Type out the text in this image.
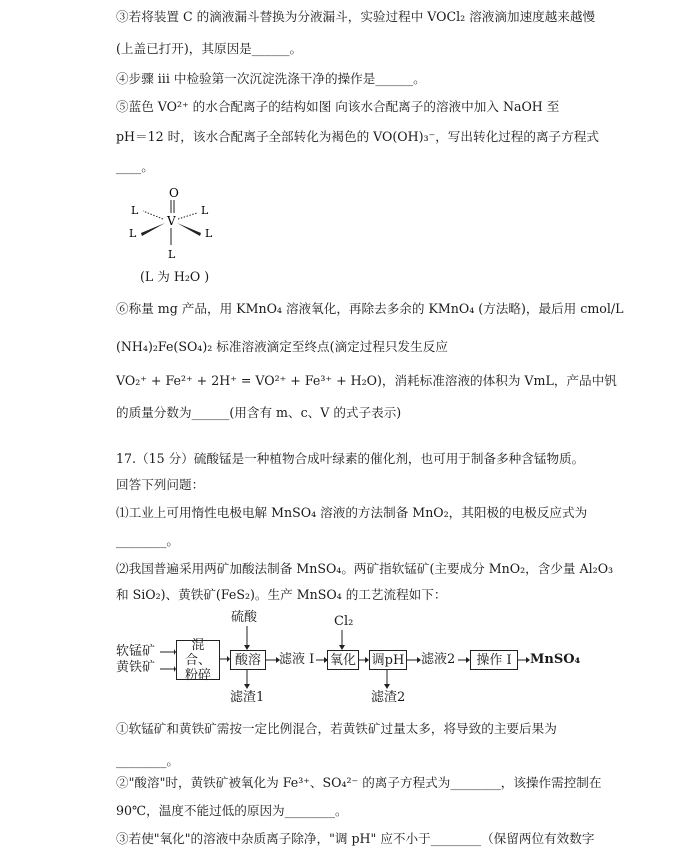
③若将装置 C 的滴液漏斗替换为分液漏斗，实验过程中 VOCl₂ 溶液滴加速度越来越慢
(上盖已打开)，其原因是______。
④步骤 iii 中检验第一次沉淀洗涤干净的操作是______。
⑤蓝色 VO²⁺ 的水合配离子的结构如图 向该水合配离子的溶液中加入 NaOH 至
pH＝12 时，该水合配离子全部转化为褐色的 VO(OH)₃⁻，写出转化过程的离子方程式
____。
O
V
L	L
L	L
L
(L 为 H₂O )
⑥称量 mg 产品，用 KMnO₄ 溶液氧化，再除去多余的 KMnO₄ (方法略)，最后用 cmol/L
(NH₄)₂Fe(SO₄)₂ 标准溶液滴定至终点(滴定过程只发生反应
VO₂⁺ + Fe²⁺ + 2H⁺ = VO²⁺ + Fe³⁺ + H₂O)，消耗标准溶液的体积为 VmL，产品中钒
的质量分数为______(用含有 m、c、V 的式子表示)
17.（15 分）硫酸锰是一种植物合成叶绿素的催化剂，也可用于制备多种含锰物质。
回答下列问题：
⑴工业上可用惰性电极电解 MnSO₄ 溶液的方法制备 MnO₂，其阳极的电极反应式为
________。
⑵我国普遍采用两矿加酸法制备 MnSO₄。两矿指软锰矿(主要成分 MnO₂，含少量 Al₂O₃
和 SiO₂)、黄铁矿(FeS₂)。生产 MnSO₄ 的工艺流程如下：
软锰矿
黄铁矿
混合、粉碎
硫酸
酸溶
滤渣1
滤液 I
Cl₂
氧化 调pH
滤渣2
滤液2	操作 I	MnSO₄
①软锰矿和黄铁矿需按一定比例混合，若黄铁矿过量太多，将导致的主要后果为
________。
②"酸溶"时，黄铁矿被氧化为 Fe³⁺、SO₄²⁻ 的离子方程式为________，该操作需控制在
90℃，温度不能过低的原因为________。
③若使"氧化"的溶液中杂质离子除净，"调 pH" 应不小于________（保留两位有效数字
